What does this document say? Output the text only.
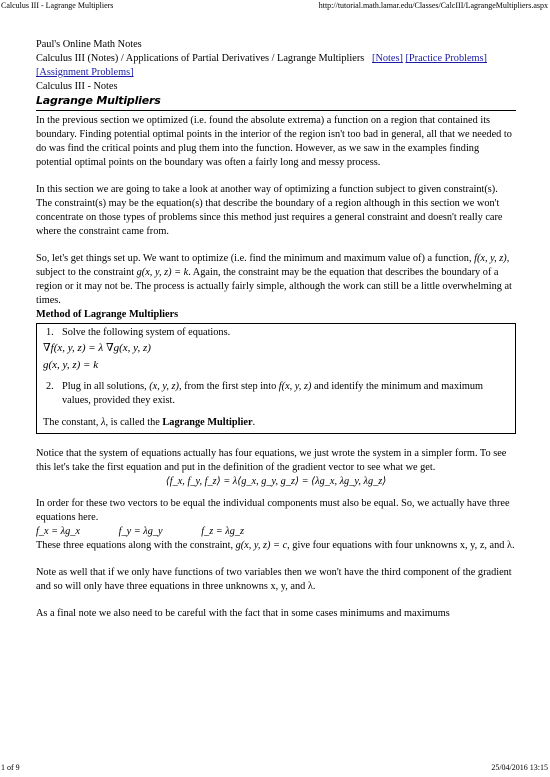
Calculus III - Lagrange Multipliers	http://tutorial.math.lamar.edu/Classes/CalcIII/LagrangeMultipliers.aspx

Paul's Online Math Notes

Calculus III (Notes) / Applications of Partial Derivatives / Lagrange Multipliers [Notes] [Practice Problems] [Assignment Problems]

Calculus III - Notes

Lagrange Multipliers

In the previous section we optimized (i.e. found the absolute extrema) a function on a region that contained its boundary. Finding potential optimal points in the interior of the region isn't too bad in general, all that we needed to do was find the critical points and plug them into the function. However, as we saw in the examples finding potential optimal points on the boundary was often a fairly long and messy process.

In this section we are going to take a look at another way of optimizing a function subject to given constraint(s). The constraint(s) may be the equation(s) that describe the boundary of a region although in this section we won't concentrate on those types of problems since this method just requires a general constraint and doesn't really care where the constraint came from.

So, let's get things set up. We want to optimize (i.e. find the minimum and maximum value of) a function, f(x, y, z), subject to the constraint g(x, y, z) = k. Again, the constraint may be the equation that describes the boundary of a region or it may not be. The process is actually fairly simple, although the work can still be a little overwhelming at times.

Method of Lagrange Multipliers

1. Solve the following system of equations.

∇f(x, y, z) = λ ∇g(x, y, z)

g(x, y, z) = k

2. Plug in all solutions, (x, y, z), from the first step into f(x, y, z) and identify the minimum and maximum values, provided they exist.

The constant, λ, is called the Lagrange Multiplier.

Notice that the system of equations actually has four equations, we just wrote the system in a simpler form. To see this let's take the first equation and put in the definition of the gradient vector to see what we get.

⟨f_x, f_y, f_z⟩ = λ⟨g_x, g_y, g_z⟩ = ⟨λg_x, λg_y, λg_z⟩

In order for these two vectors to be equal the individual components must also be equal. So, we actually have three equations here.

f_x = λg_x	f_y = λg_y	f_z = λg_z

These three equations along with the constraint, g(x, y, z) = c, give four equations with four unknowns x, y, z, and λ.

Note as well that if we only have functions of two variables then we won't have the third component of the gradient and so will only have three equations in three unknowns x, y, and λ.

As a final note we also need to be careful with the fact that in some cases minimums and maximums

1 of 9	25/04/2016 13:15
